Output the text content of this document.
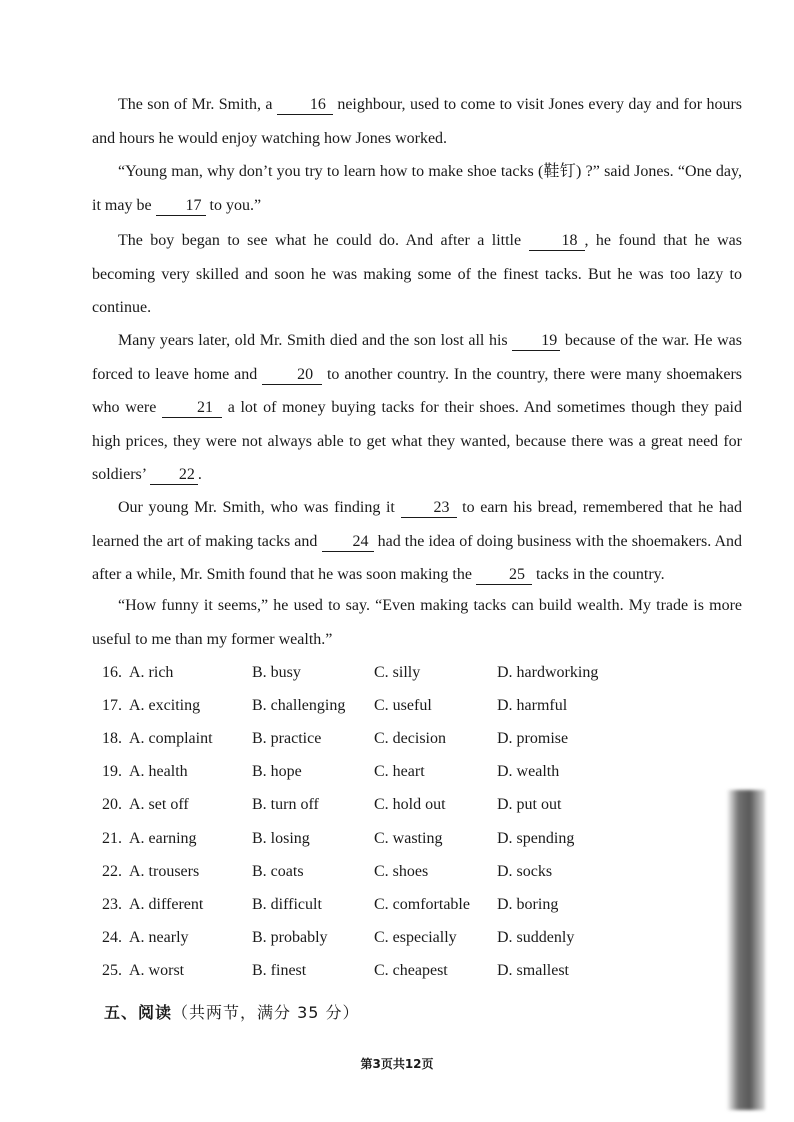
The son of Mr. Smith, a 16 neighbour, used to come to visit Jones every day and for hours and hours he would enjoy watching how Jones worked.

“Young man, why don’t you try to learn how to make shoe tacks (鞋钉) ?” said Jones. “One day, it may be 17 to you.”

The boy began to see what he could do. And after a little 18 , he found that he was becoming very skilled and soon he was making some of the finest tacks. But he was too lazy to continue.

Many years later, old Mr. Smith died and the son lost all his 19 because of the war. He was forced to leave home and 20 to another country. In the country, there were many shoemakers who were 21 a lot of money buying tacks for their shoes. And sometimes though they paid high prices, they were not always able to get what they wanted, because there was a great need for soldiers’ 22 .

Our young Mr. Smith, who was finding it 23 to earn his bread, remembered that he had learned the art of making tacks and 24 had the idea of doing business with the shoemakers. And after a while, Mr. Smith found that he was soon making the 25 tacks in the country.

“How funny it seems,” he used to say. “Even making tacks can build wealth. My trade is more useful to me than my former wealth.”

16. A. rich	B. busy	C. silly	D. hardworking
17. A. exciting	B. challenging	C. useful	D. harmful
18. A. complaint	B. practice	C. decision	D. promise
19. A. health	B. hope	C. heart	D. wealth
20. A. set off	B. turn off	C. hold out	D. put out
21. A. earning	B. losing	C. wasting	D. spending
22. A. trousers	B. coats	C. shoes	D. socks
23. A. different	B. difficult	C. comfortable	D. boring
24. A. nearly	B. probably	C. especially	D. suddenly
25. A. worst	B. finest	C. cheapest	D. smallest
五、阅读（共两节，满分 35 分）
第3页共12页
